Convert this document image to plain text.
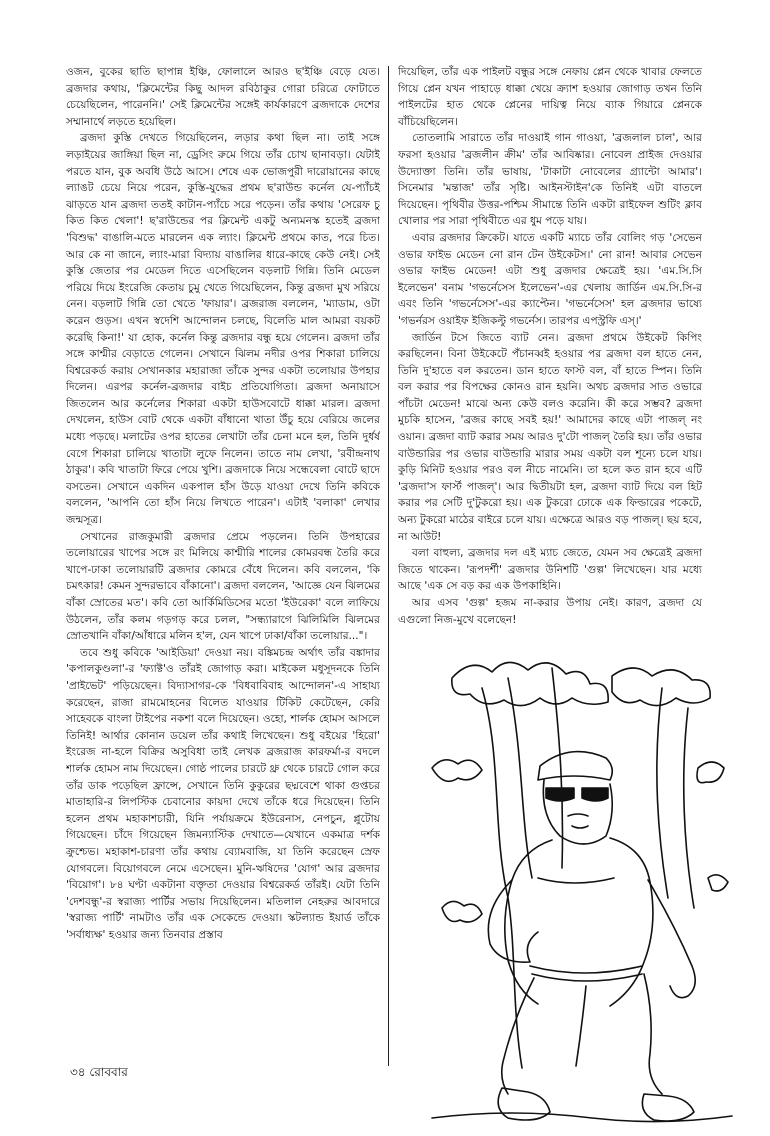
ওজন, বুকের ছাতি ছাপান্ন ইঞ্চি, ফোলালে আরও ছ'ইঞ্চি বেড়ে যেত। ব্রজদার কথায়, 'ক্লিমেন্টের কিছু আদল রবিঠাকুর গোরা চরিত্রে ফোটাতে চেয়েছিলেন, পারেননি।' সেই ক্লিমেন্টের সঙ্গেই কার্যকারণে ব্রজদাকে দেশের সম্মানার্থে লড়তে হয়েছিল।

ব্রজদা কুস্তি দেখতে গিয়েছিলেন, লড়ার কথা ছিল না। তাই সঙ্গে লড়াইয়ের জাঙ্গিয়া ছিল না, ড্রেসিং রুমে গিয়ে তাঁর চোখ ছানাবড়া। যেটাই পরতে যান, বুক অবধি উঠে আসে। শেষে এক ভোজপুরী দারোয়ানের কাছে ল্যাঙট চেয়ে নিয়ে পরেন, কুস্তি-যুদ্ধের প্রথম ছ'রাউন্ড কর্নেল যে-প্যাঁচই ঝাড়তে যান ব্রজদা ততই কাটান-প্যাঁচে সরে পড়েন। তাঁর কথায় 'সেরেফ চু কিত কিত খেলা'! ছ'রাউন্ডের পর ক্লিমেন্ট একটু অন্যমনস্ক হতেই ব্রজদা 'বিশুদ্ধ' বাঙালি-মতে মারলেন এক ল্যাং। ক্লিমেন্ট প্রথমে কাত, পরে চিত। আর কে না জানে, ল্যাং-মারা বিদ্যায় বাঙালির ধারে-কাছে কেউ নেই। সেই কুস্তি জেতার পর মেডেল দিতে এসেছিলেন বড়লাট গিন্নি। তিনি মেডেল পরিয়ে দিয়ে ইংরেজি কেতায় চুমু খেতে গিয়েছিলেন, কিন্তু ব্রজদা মুখ সরিয়ে নেন। বড়লাট গিন্নি তো খেতে 'ফায়ার'। ব্রজরাজ বললেন, 'ম্যাডাম, ওটা করেন গুড়স। এখন স্বদেশি আন্দোলন চলছে, বিলেতি মাল আমরা বয়কট করেছি কিনা!' যা হোক, কর্নেল কিন্তু ব্রজদার বন্ধু হয়ে গেলেন। ব্রজদা তাঁর সঙ্গে কাশ্মীর বেড়াতে গেলেন। সেখানে ঝিলম নদীর ওপর শিকারা চালিয়ে বিশ্বরেকর্ড করায় সেখানকার মহারাজা তাঁকে সুন্দর একটা তলোয়ার উপহার দিলেন। এরপর কর্নেল-ব্রজদার বাইচ প্রতিযোগিতা। ব্রজদা অনায়াসে জিতলেন আর কর্নেলের শিকারা একটা হাউসবোটে ধাক্কা মারল। ব্রজদা দেখলেন, হাউস বোট থেকে একটা বাঁধানো খাতা উঁচু হয়ে বেরিয়ে জলের মধ্যে পড়ছে। মলাটের ওপর হাতের লেখাটা তাঁর চেনা মনে হল, তিনি দুর্ধর্ষ বেগে শিকারা চালিয়ে খাতাটা লুফে নিলেন। তাতে নাম লেখা, 'রবীন্দ্রনাথ ঠাকুর'। কবি খাতাটা ফিরে পেয়ে খুশি। ব্রজদাকে নিয়ে সন্ধেবেলা বোটে ছাদে বসতেন। সেখানে একদিন একপাল হাঁস উড়ে যাওয়া দেখে তিনি কবিকে বললেন, 'আপনি তো হাঁস নিয়ে লিখতে পারেন'। এটাই 'বলাকা' লেখার জন্মসূত্র।

সেখানের রাজকুমারী ব্রজদার প্রেমে পড়লেন। তিনি উপহারের তলোয়ারের খাপের সঙ্গে রং মিলিয়ে কাশ্মীরি শালের কোমরবন্ধ তৈরি করে খাপে-ঢাকা তলোয়ারটি ব্রজদার কোমরে বেঁধে দিলেন। কবি বললেন, 'কি চমৎকার! কেমন সুন্দরভাবে বাঁকানো'। ব্রজদা বললেন, 'আজ্ঞে যেন ঝিলমের বাঁকা স্রোতের মত'। কবি তো আর্কিমিডিসের মতো 'ইউরেকা' বলে লাফিয়ে উঠলেন, তাঁর কলম গড়গড় করে চলল, "সন্ধ্যারাগে ঝিলিমিলি ঝিলমের স্রোতখানি বাঁকা/আঁধারে মলিন হ'ল, যেন খাপে ঢাকা/বাঁকা তলোয়ার..."।

তবে শুধু কবিকে 'আইডিয়া' দেওয়া নয়। বঙ্কিমচন্দ্র অর্থাৎ তাঁর বঙ্কাদার 'কপালকুণ্ডলা'-র 'ফ্যাক্ট'ও তাঁরই জোগাড় করা। মাইকেল মধুসূদনকে তিনি 'প্রাইভেট' পড়িয়েছেন। বিদ্যাসাগর-কে 'বিধবাবিবাহ আন্দোলন'-এ সাহায্য করেছেন, রাজা রামমোহনের বিলেত যাওয়ার টিকিট কেটেছেন, কেরি সাহেবকে বাংলা টাইপের নকশা বলে দিয়েছেন। ওহো, শার্লক হোমস আসলে তিনিই! আর্থার কোনান ডয়েল তাঁর কথাই লিখেছেন। শুধু বইয়ের 'হিরো' ইংরেজ না-হলে বিক্রির অসুবিধা তাই লেখক ব্রজরাজ কারফর্মা-র বদলে শার্লক হোমস নাম দিয়েছেন। গোষ্ঠ পালের চারটে থ্রু থেকে চারটে গোল করে তাঁর ডাক পড়েছিল ফ্রান্সে, সেখানে তিনি কুকুরের ছদ্মবেশে থাকা গুপ্তচর মাতাহারি-র লিপস্টিক চেবানোর কায়দা দেখে তাঁকে ধরে দিয়েছেন। তিনি হলেন প্রথম মহাকাশচারী, যিনি পর্যায়ক্রমে ইউরেনাস, নেপচুন, প্লুটোয় গিয়েছেন। চাঁদে গিয়েছেন জিমন্যাস্টিক দেখাতে—যেখানে একমাত্র দর্শক ক্রুশ্চেভ। মহাকাশ-চারণা তাঁর কথায় ব্যোমবাজি, যা তিনি করেছেন স্রেফ যোগবলে। বিয়োগবলে নেমে এসেছেন। মুনি-ঋষিদের 'যোগ' আর ব্রজদার 'বিয়োগ'। ৮৪ ঘণ্টা একটানা বক্তৃতা দেওয়ার বিশ্বরেকর্ড তাঁরই। যেটা তিনি 'দেশবন্ধু'-র স্বরাজ্য পার্টির সভায় দিয়েছিলেন। মতিলাল নেহরুর আবদারে 'স্বরাজ্য পার্টি' নামটাও তাঁর এক সেকেন্ডে দেওয়া। স্কটল্যান্ড ইয়ার্ড তাঁকে 'সর্বাধ্যক্ষ' হওয়ার জন্য তিনবার প্রস্তাব

দিয়েছিল, তাঁর এক পাইলট বন্ধুর সঙ্গে নেফায় প্লেন থেকে খাবার ফেলতে গিয়ে প্লেন যখন পাহাড়ে ধাক্কা খেয়ে ক্র্যাশ হওয়ার জোগাড় তখন তিনি পাইলটের হাত থেকে প্লেনের দায়িত্ব নিয়ে ব্যাক গিয়ারে প্লেনকে বাঁচিয়েছিলেন।

তোতলামি সারাতে তাঁর দাওয়াই গান গাওয়া, 'ব্রজলাল চাল', আর ফরসা হওয়ার 'ব্রজলীন ক্রীম' তাঁর আবিষ্কার। নোবেল প্রাইজ দেওয়ার উদ্যোক্তা তিনি। তাঁর ভাষায়, 'টাকাটা নোবেলের গ্র্যান্টো আমার'। সিনেমার 'মন্তাজ' তাঁর সৃষ্টি। আইনস্টাইন'কে তিনিই এটা বাতলে দিয়েছেন। পৃথিবীর উত্তর-পশ্চিম সীমান্তে তিনি একটা রাইফেল শুটিং ক্লাব খোলার পর সারা পৃথিবীতে এর ধুম পড়ে যায়।

এবার ব্রজদার ক্রিকেট। যাতে একটি ম্যাচে তাঁর বোলিং গড় 'সেভেন ওভার ফাইভ মেডেন নো রান টেন উইকেটস।' নো রান! আবার সেভেন ওভার ফাইভ মেডেন! এটা শুধু ব্রজদার ক্ষেত্রেই হয়। 'এম.সি.সি ইলেভেন' বনাম 'গভর্নেসেস ইলেভেন'-এর খেলায় জার্ডিন এম.সি.সি-র এবং তিনি 'গভর্নেসেস'-এর ক্যাপ্টেন। 'গভর্নেসেস' হল ব্রজদার ভাষ্যে 'গভর্নরস ওয়াইফ ইজিকল্টু গভর্নেস। তারপর এপস্ট্রফি এস্‌।'

জার্ডিন টসে জিতে ব্যাট নেন। ব্রজদা প্রথমে উইকেট কিপিং করছিলেন। বিনা উইকেটে পঁচানব্বই হওয়ার পর ব্রজদা বল হাতে নেন, তিনি দু'হাতে বল করতেন। ডান হাতে ফাস্ট বল, বাঁ হাতে স্পিন। তিনি বল করার পর বিপক্ষের কোনও রান হয়নি। অথচ ব্রজদার সাত ওভারে পাঁচটা মেডেন! মাঝে অন্য কেউ বলও করেনি। কী করে সম্ভব? ব্রজদা মুচকি হাসেন, 'ব্রজর কাছে সবই হয়!' আমাদের কাছে এটা পাজল্ নং ওয়ান। ব্রজদা ব্যাট করার সময় আরও দু'টো পাজল্ তৈরি হয়। তাঁর ওভার বাউন্ডারির পর ওভার বাউন্ডারি মারার সময় একটা বল শূন্যে চলে যায়। কুড়ি মিনিট হওয়ার পরও বল নীচে নামেনি। তা হলে কত রান হবে এটি 'ব্রজদা'স ফার্স্ট পাজল্'। আর দ্বিতীয়টা হল, ব্রজদা ব্যাট দিয়ে বল হিট করার পর সেটি দু'টুকরো হয়। এক টুকরো ঢোকে এক ফিল্ডারের পকেটে, অন্য টুকরো মাঠের বাইরে চলে যায়। এক্ষেত্রে আরও বড় পাজল্। ছয় হবে, না আউট!

বলা বাহুল্য, ব্রজদার দল এই ম্যাচ জেতে, যেমন সব ক্ষেত্রেই ব্রজদা জিতে থাকেন। 'রূপদর্শী' ব্রজদার উনিশটি 'গুল্প' লিখেছেন। যার মধ্যে আছে 'এক সে বড় কর এক উপকাহিনি।

আর এসব 'গুল্প' হজম না-করার উপায় নেই। কারণ, ব্রজদা যে এগুলো নিজ-মুখে বলেছেন!

৩৪ রোববার
